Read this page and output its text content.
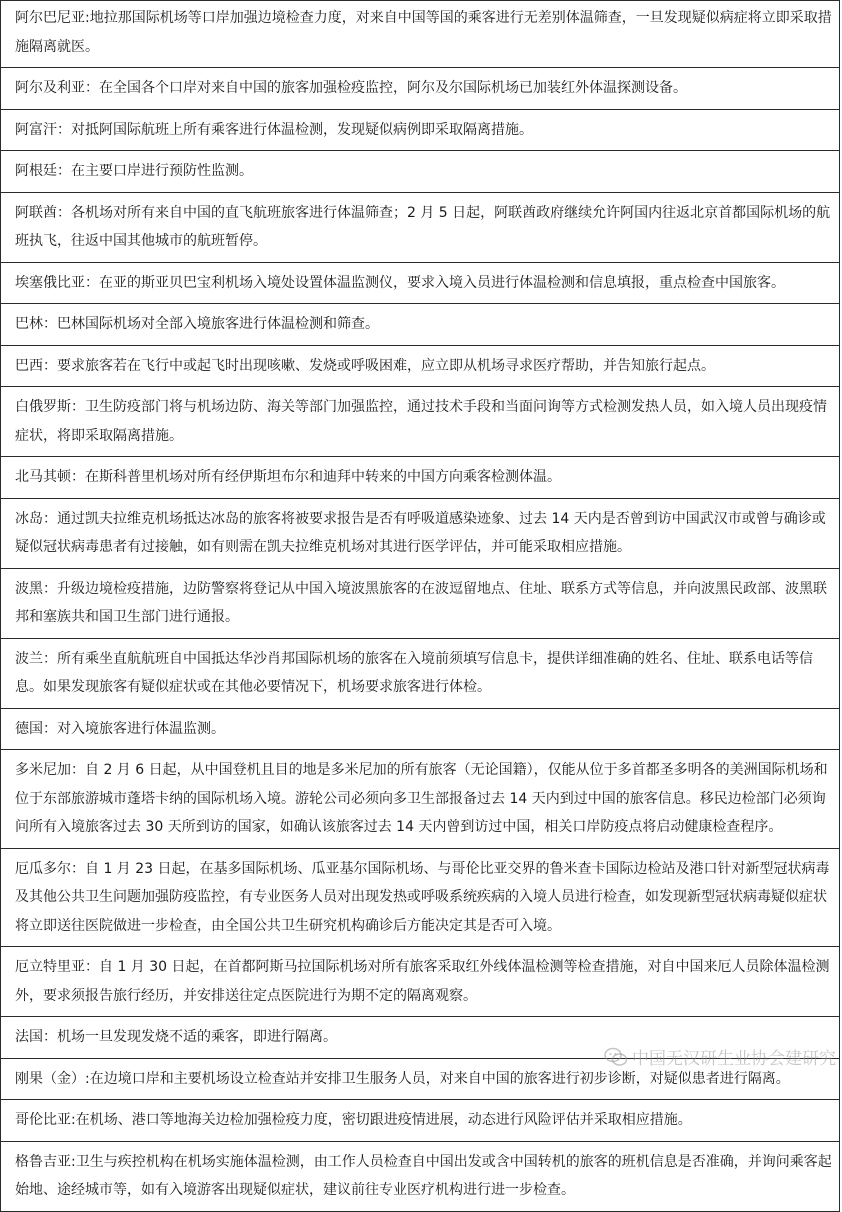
阿尔巴尼亚:地拉那国际机场等口岸加强边境检查力度，对来自中国等国的乘客进行无差别体温筛查，一旦发现疑似病症将立即采取措施隔离就医。
阿尔及利亚：在全国各个口岸对来自中国的旅客加强检疫监控，阿尔及尔国际机场已加装红外体温探测设备。
阿富汗：对抵阿国际航班上所有乘客进行体温检测，发现疑似病例即采取隔离措施。
阿根廷：在主要口岸进行预防性监测。
阿联酋：各机场对所有来自中国的直飞航班旅客进行体温筛查；2 月 5 日起，阿联酋政府继续允许阿国内往返北京首都国际机场的航班执飞，往返中国其他城市的航班暂停。
埃塞俄比亚：在亚的斯亚贝巴宝利机场入境处设置体温监测仪，要求入境入员进行体温检测和信息填报，重点检查中国旅客。
巴林：巴林国际机场对全部入境旅客进行体温检测和筛查。
巴西：要求旅客若在飞行中或起飞时出现咳嗽、发烧或呼吸困难，应立即从机场寻求医疗帮助，并告知旅行起点。
白俄罗斯：卫生防疫部门将与机场边防、海关等部门加强监控，通过技术手段和当面问询等方式检测发热人员，如入境人员出现疫情症状，将即采取隔离措施。
北马其顿：在斯科普里机场对所有经伊斯坦布尔和迪拜中转来的中国方向乘客检测体温。
冰岛：通过凯夫拉维克机场抵达冰岛的旅客将被要求报告是否有呼吸道感染迹象、过去 14 天内是否曾到访中国武汉市或曾与确诊或疑似冠状病毒患者有过接触，如有则需在凯夫拉维克机场对其进行医学评估，并可能采取相应措施。
波黑：升级边境检疫措施，边防警察将登记从中国入境波黑旅客的在波逗留地点、住址、联系方式等信息，并向波黑民政部、波黑联邦和塞族共和国卫生部门进行通报。
波兰：所有乘坐直航航班自中国抵达华沙肖邦国际机场的旅客在入境前须填写信息卡，提供详细准确的姓名、住址、联系电话等信息。如果发现旅客有疑似症状或在其他必要情况下，机场要求旅客进行体检。
德国：对入境旅客进行体温监测。
多米尼加：自 2 月 6 日起，从中国登机且目的地是多米尼加的所有旅客（无论国籍），仅能从位于多首都圣多明各的美洲国际机场和位于东部旅游城市蓬塔卡纳的国际机场入境。游轮公司必须向多卫生部报备过去 14 天内到过中国的旅客信息。移民边检部门必须询问所有入境旅客过去 30 天所到访的国家，如确认该旅客过去 14 天内曾到访过中国，相关口岸防疫点将启动健康检查程序。
厄瓜多尔：自 1 月 23 日起，在基多国际机场、瓜亚基尔国际机场、与哥伦比亚交界的鲁米查卡国际边检站及港口针对新型冠状病毒及其他公共卫生问题加强防疫监控，有专业医务人员对出现发热或呼吸系统疾病的入境人员进行检查，如发现新型冠状病毒疑似症状将立即送往医院做进一步检查，由全国公共卫生研究机构确诊后方能决定其是否可入境。
厄立特里亚：自 1 月 30 日起，在首都阿斯马拉国际机场对所有旅客采取红外线体温检测等检查措施，对自中国来厄人员除体温检测外，要求须报告旅行经历，并安排送往定点医院进行为期不定的隔离观察。
法国：机场一旦发现发烧不适的乘客，即进行隔离。
刚果（金）:在边境口岸和主要机场设立检查站并安排卫生服务人员，对来自中国的旅客进行初步诊断，对疑似患者进行隔离。
哥伦比亚:在机场、港口等地海关边检加强检疫力度，密切跟进疫情进展，动态进行风险评估并采取相应措施。
格鲁吉亚:卫生与疾控机构在机场实施体温检测，由工作人员检查自中国出发或含中国转机的旅客的班机信息是否准确，并询问乘客起始地、途经城市等，如有入境游客出现疑似症状，建议前往专业医疗机构进行进一步检查。
中国无汉研生业协会建研究
